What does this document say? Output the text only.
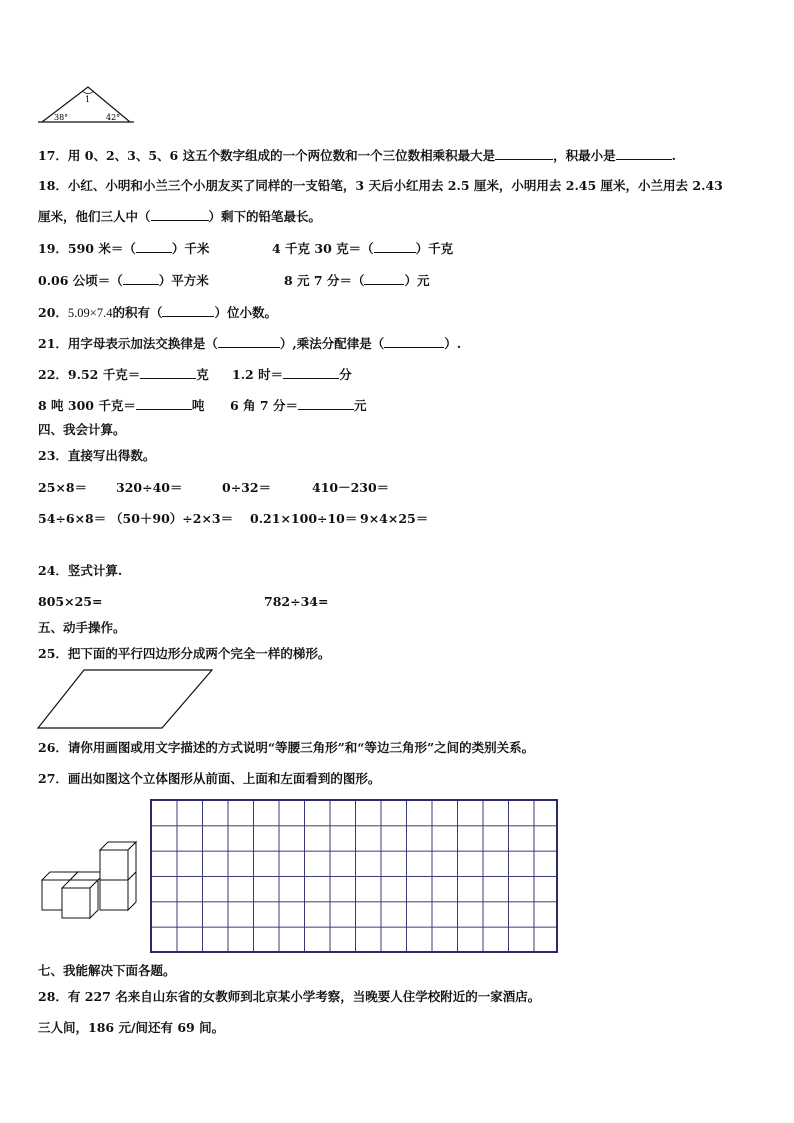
1
38°	42°
17．用 0、2、3、5、6 这五个数字组成的一个两位数和一个三位数相乘积最大是	，积最小是	.
18．小红、小明和小兰三个小朋友买了同样的一支铅笔，3 天后小红用去 2.5 厘米，小明用去 2.45 厘米，小兰用去 2.43
厘米，他们三人中（	）剩下的铅笔最长。
19．590 米＝（	）千米	4 千克 30 克＝（	）千克
0.06 公顷＝（	）平方米	8 元 7 分＝（	）元
20．5.09×7.4的积有（	）位小数。
21．用字母表示加法交换律是（	）,乘法分配律是（	）.
22．9.52 千克＝	克 1.2 时＝	分
8 吨 300 千克＝	吨 6 角 7 分＝	元
四、我会计算。
23．直接写出得数。
25×8＝ 320÷40＝	0÷32＝	410－230＝
54÷6×8＝ （50＋90）÷2×3＝ 0.21×100÷10＝ 9×4×25＝
24．竖式计算.
805×25=	782÷34=
五、动手操作。
25．把下面的平行四边形分成两个完全一样的梯形。
26．请你用画图或用文字描述的方式说明“等腰三角形”和“等边三角形”之间的类别关系。
27．画出如图这个立体图形从前面、上面和左面看到的图形。
七、我能解决下面各题。
28．有 227 名来自山东省的女教师到北京某小学考察，当晚要人住学校附近的一家酒店。
三人间，186 元/间还有 69 间。
